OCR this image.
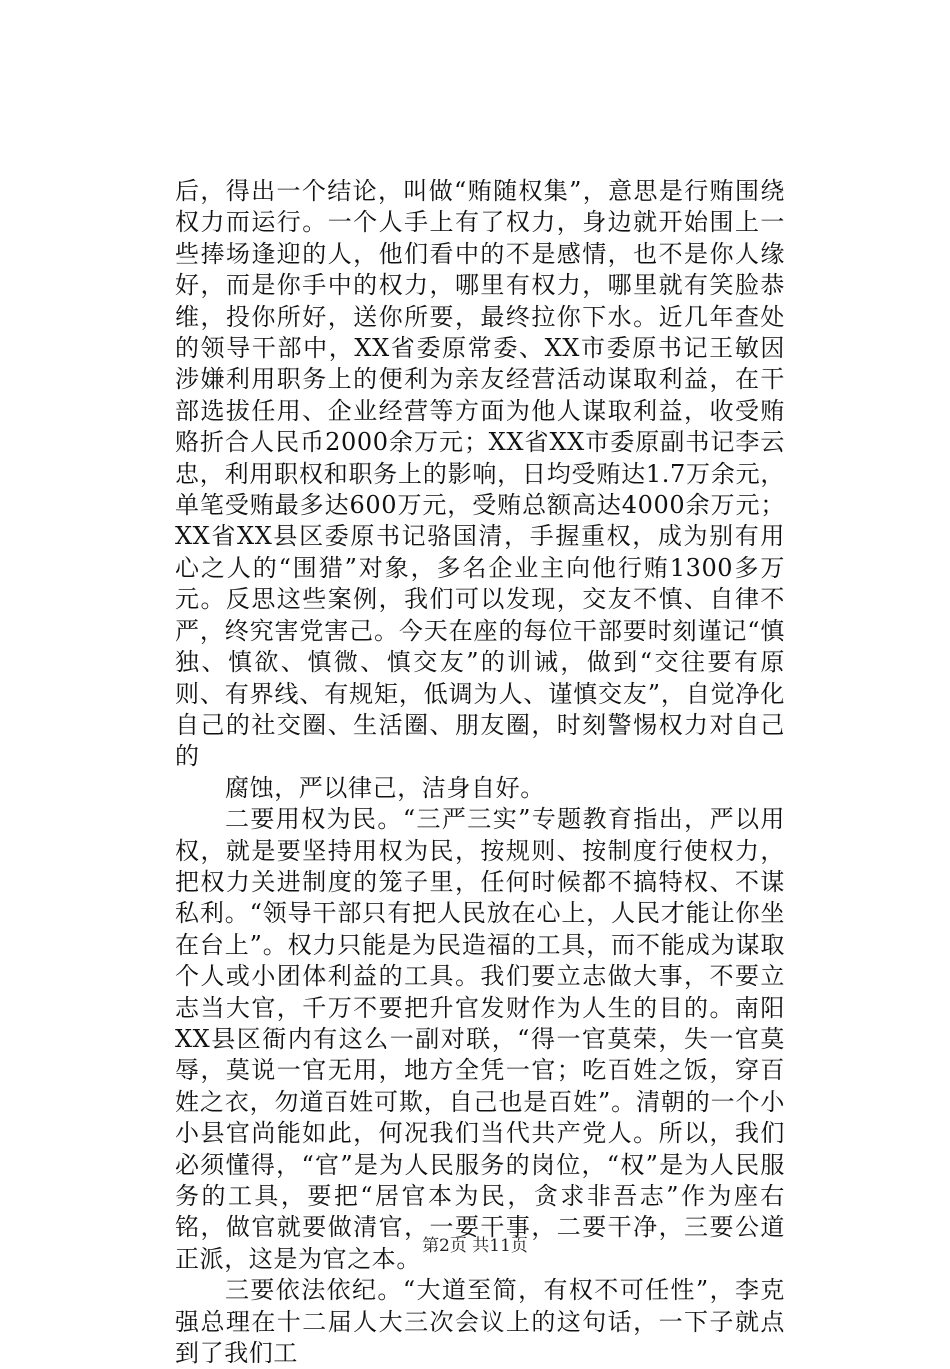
后，得出一个结论，叫做“贿随权集”，意思是行贿围绕权力而运行。一个人手上有了权力，身边就开始围上一些捧场逢迎的人，他们看中的不是感情，也不是你人缘好，而是你手中的权力，哪里有权力，哪里就有笑脸恭维，投你所好，送你所要，最终拉你下水。近几年查处的领导干部中，XX省委原常委、XX市委原书记王敏因涉嫌利用职务上的便利为亲友经营活动谋取利益，在干部选拔任用、企业经营等方面为他人谋取利益，收受贿赂折合人民币2000余万元；XX省XX市委原副书记李云忠，利用职权和职务上的影响，日均受贿达1.7万余元，单笔受贿最多达600万元，受贿总额高达4000余万元；XX省XX县区委原书记骆国清，手握重权，成为别有用心之人的“围猎”对象，多名企业主向他行贿1300多万元。反思这些案例，我们可以发现，交友不慎、自律不严，终究害党害己。今天在座的每位干部要时刻谨记“慎独、慎欲、慎微、慎交友”的训诫，做到“交往要有原则、有界线、有规矩，低调为人、谨慎交友”，自觉净化自己的社交圈、生活圈、朋友圈，时刻警惕权力对自己的

腐蚀，严以律己，洁身自好。

二要用权为民。“三严三实”专题教育指出，严以用权，就是要坚持用权为民，按规则、按制度行使权力，把权力关进制度的笼子里，任何时候都不搞特权、不谋私利。“领导干部只有把人民放在心上，人民才能让你坐在台上”。权力只能是为民造福的工具，而不能成为谋取个人或小团体利益的工具。我们要立志做大事，不要立志当大官，千万不要把升官发财作为人生的目的。南阳XX县区衙内有这么一副对联，“得一官莫荣，失一官莫辱，莫说一官无用，地方全凭一官；吃百姓之饭，穿百姓之衣，勿道百姓可欺，自己也是百姓”。清朝的一个小小县官尚能如此，何况我们当代共产党人。所以，我们必须懂得，“官”是为人民服务的岗位，“权”是为人民服务的工具，要把“居官本为民，贪求非吾志”作为座右铭，做官就要做清官，一要干事，二要干净，三要公道正派，这是为官之本。

三要依法依纪。“大道至简，有权不可任性”，李克强总理在十二届人大三次会议上的这句话，一下子就点到了我们工

第2页 共11页
